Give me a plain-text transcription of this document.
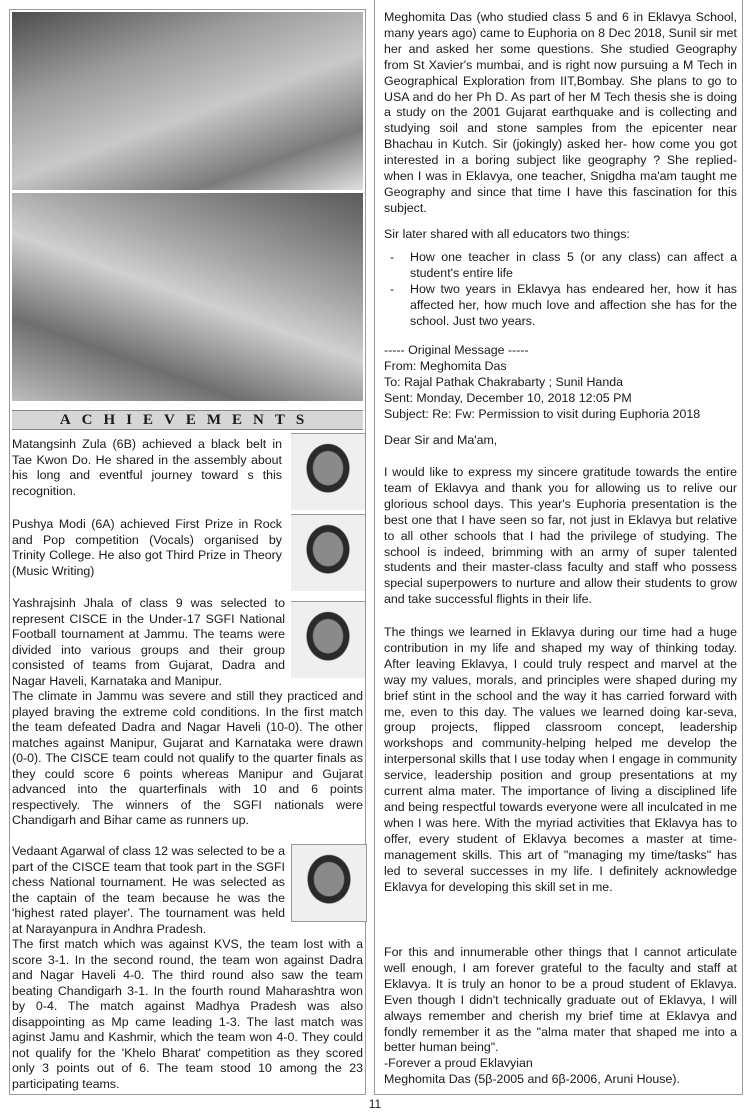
ACHIEVEMENTS

Matangsinh Zula (6B) achieved a black belt in Tae Kwon Do. He shared in the assembly about his long and eventful journey toward s this recognition.

Pushya Modi (6A) achieved First Prize in Rock and Pop competition (Vocals) organised by Trinity College. He also got Third Prize in Theory (Music Writing)

Yashrajsinh Jhala of class 9 was selected to represent CISCE in the Under-17 SGFI National Football tournament at Jammu. The teams were divided into various groups and their group consisted of teams from Gujarat, Dadra and Nagar Haveli, Karnataka and Manipur.

The climate in Jammu was severe and still they practiced and played braving the extreme cold conditions. In the first match the team defeated Dadra and Nagar Haveli (10-0). The other matches against Manipur, Gujarat and Karnataka were drawn (0-0). The CISCE team could not qualify to the quarter finals as they could score 6 points whereas Manipur and Gujarat advanced into the quarterfinals with 10 and 6 points respectively. The winners of the SGFI nationals were Chandigarh and Bihar came as runners up.

Vedaant Agarwal of class 12 was selected to be a part of the CISCE team that took part in the SGFI chess National tournament. He was selected as the captain of the team because he was the 'highest rated player'. The tournament was held at Narayanpura in Andhra Pradesh.

The first match which was against KVS, the team lost with a score 3-1. In the second round, the team won against Dadra and Nagar Haveli 4-0. The third round also saw the team beating Chandigarh 3-1. In the fourth round Maharashtra won by 0-4. The match against Madhya Pradesh was also disappointing as Mp came leading 1-3. The last match was aginst Jamu and Kashmir, which the team won 4-0. They could not qualify for the 'Khelo Bharat' competition as they scored only 3 points out of 6. The team stood 10 among the 23 participating teams.

Meghomita Das (who studied class 5 and 6 in Eklavya School, many years ago) came to Euphoria on 8 Dec 2018, Sunil sir met her and asked her some questions. She studied Geography from St Xavier's mumbai, and is right now pursuing a M Tech in Geographical Exploration from IIT,Bombay. She plans to go to USA and do her Ph D. As part of her M Tech thesis she is doing a study on the 2001 Gujarat earthquake and is collecting and studying soil and stone samples from the epicenter near Bhachau in Kutch. Sir (jokingly) asked her- how come you got interested in a boring subject like geography ? She replied- when I was in Eklavya, one teacher, Snigdha ma'am taught me Geography and since that time I have this fascination for this subject.

Sir later shared with all educators two things:

- How one teacher in class 5 (or any class) can affect a student's entire life
- How two years in Eklavya has endeared her, how it has affected her, how much love and affection she has for the school. Just two years.
----- Original Message -----
From: Meghomita Das
To: Rajal Pathak Chakrabarty ; Sunil Handa
Sent: Monday, December 10, 2018 12:05 PM
Subject: Re: Fw: Permission to visit during Euphoria 2018

Dear Sir and Ma'am,

I would like to express my sincere gratitude towards the entire team of Eklavya and thank you for allowing us to relive our glorious school days. This year's Euphoria presentation is the best one that I have seen so far, not just in Eklavya but relative to all other schools that I had the privilege of studying. The school is indeed, brimming with an army of super talented students and their master-class faculty and staff who possess special superpowers to nurture and allow their students to grow and take successful flights in their life.

The things we learned in Eklavya during our time had a huge contribution in my life and shaped my way of thinking today. After leaving Eklavya, I could truly respect and marvel at the way my values, morals, and principles were shaped during my brief stint in the school and the way it has carried forward with me, even to this day. The values we learned doing kar-seva, group projects, flipped classroom concept, leadership workshops and community-helping helped me develop the interpersonal skills that I use today when I engage in community service, leadership position and group presentations at my current alma mater. The importance of living a disciplined life and being respectful towards everyone were all inculcated in me when I was here. With the myriad activities that Eklavya has to offer, every student of Eklavya becomes a master at time-management skills. This art of "managing my time/tasks" has led to several successes in my life. I definitely acknowledge Eklavya for developing this skill set in me.

For this and innumerable other things that I cannot articulate well enough, I am forever grateful to the faculty and staff at Eklavya. It is truly an honor to be a proud student of Eklavya. Even though I didn't technically graduate out of Eklavya, I will always remember and cherish my brief time at Eklavya and fondly remember it as the "alma mater that shaped me into a better human being".

-Forever a proud Eklavyian
Meghomita Das (5β-2005 and 6β-2006, Aruni House).
11
